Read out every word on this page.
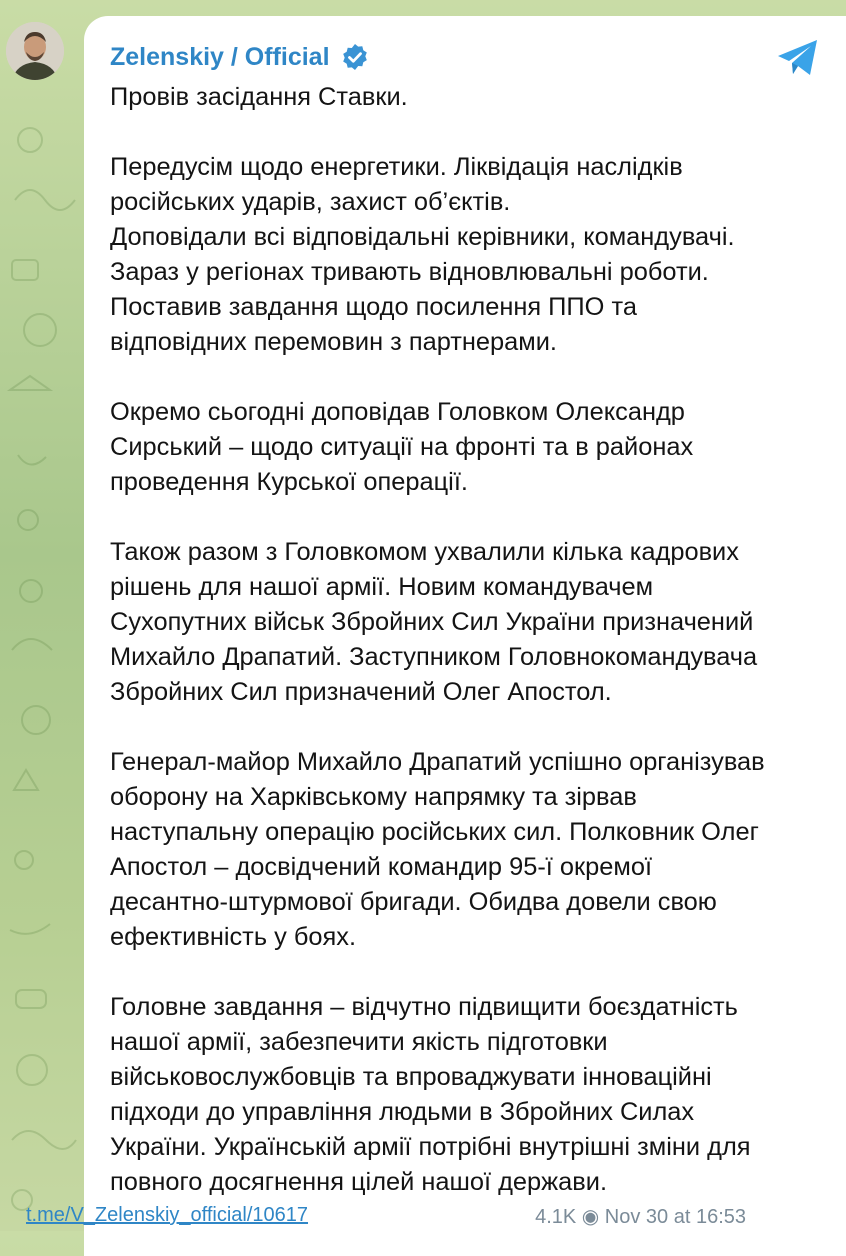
Zelenskiy / Official

Провів засідання Ставки.

Передусім щодо енергетики. Ліквідація наслідків
російських ударів, захист об’єктів.
Доповідали всі відповідальні керівники, командувачі.
Зараз у регіонах тривають відновлювальні роботи.
Поставив завдання щодо посилення ППО та
відповідних перемовин з партнерами.

Окремо сьогодні доповідав Головком Олександр
Сирський – щодо ситуації на фронті та в районах
проведення Курської операції.

Також разом з Головкомом ухвалили кілька кадрових
рішень для нашої армії. Новим командувачем
Сухопутних військ Збройних Сил України призначений
Михайло Драпатий. Заступником Головнокомандувача
Збройних Сил призначений Олег Апостол.

Генерал-майор Михайло Драпатий успішно організував
оборону на Харківському напрямку та зірвав
наступальну операцію російських сил. Полковник Олег
Апостол – досвідчений командир 95-ї окремої
десантно-штурмової бригади. Обидва довели свою
ефективність у боях.

Головне завдання – відчутно підвищити боєздатність
нашої армії, забезпечити якість підготовки
військовослужбовців та впроваджувати інноваційні
підходи до управління людьми в Збройних Силах
України. Українській армії потрібні внутрішні зміни для
повного досягнення цілей нашої держави.

t.me/V_Zelenskiy_official/10617	4.1K ◉ Nov 30 at 16:53
